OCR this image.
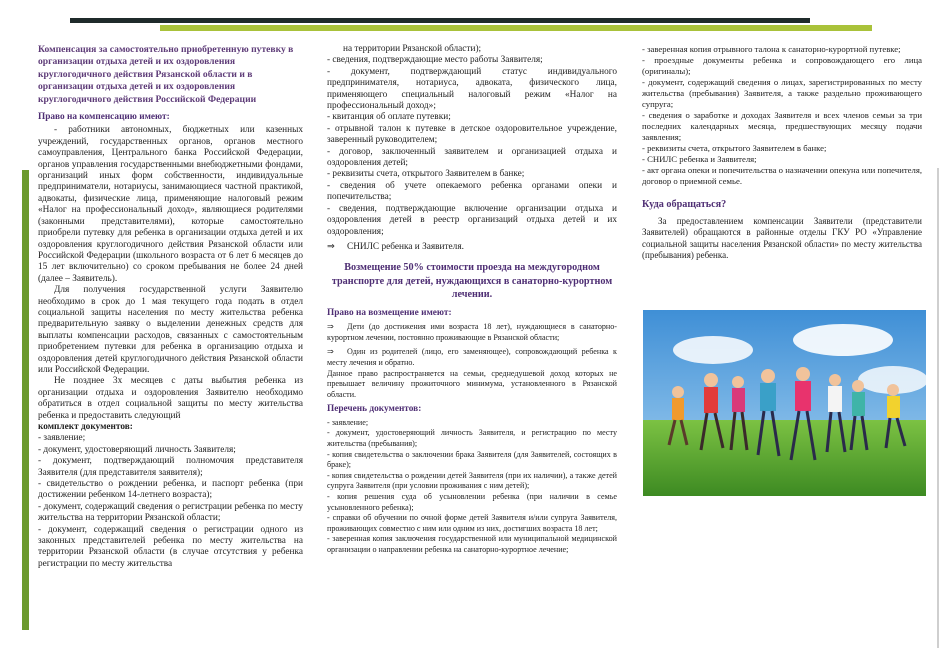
Компенсация за самостоятельно приобретенную путевку в организации отдыха детей и их оздоровления круглогодичного действия Рязанской области и в организации отдыха детей и их оздоровления круглогодичного действия Российской Федерации

Право на компенсацию имеют:

- работники автономных, бюджетных или казенных учреждений, государственных органов, органов местного самоуправления, Центрального банка Российской Федерации, органов управления государственными внебюджетными фондами, организаций иных форм собственности, индивидуальные предприниматели, нотариусы, занимающиеся частной практикой, адвокаты, физические лица, применяющие налоговый режим «Налог на профессиональный доход», являющиеся родителями (законными представителями), которые самостоятельно приобрели путевку для ребенка в организации отдыха детей и их оздоровления круглогодичного действия Рязанской области или Российской Федерации (школьного возраста от 6 лет 6 месяцев до 15 лет включительно) со сроком пребывания не более 24 дней (далее – Заявитель).

Для получения государственной услуги Заявителю необходимо в срок до 1 мая текущего года подать в отдел социальной защиты населения по месту жительства ребенка предварительную заявку о выделении денежных средств для выплаты компенсации расходов, связанных с самостоятельным приобретением путевки для ребенка в организацию отдыха и оздоровления детей круглогодичного действия Рязанской области или Российской Федерации.

Не позднее 3х месяцев с даты выбытия ребенка из организации отдыха и оздоровления Заявителю необходимо обратиться в отдел социальной защиты по месту жительства ребенка и предоставить следующий

комплект документов:

- заявление;

- документ, удостоверяющий личность Заявителя;

- документ, подтверждающий полномочия представителя Заявителя (для представителя заявителя);

- свидетельство о рождении ребенка, и паспорт ребенка (при достижении ребенком 14-летнего возраста);

- документ, содержащий сведения о регистрации ребенка по месту жительства на территории Рязанской области;

- документ, содержащий сведения о регистрации одного из законных представителей ребенка по месту жительства на территории Рязанской области (в случае отсутствия у ребенка регистрации по месту жительства

на территории Рязанской области);

- сведения, подтверждающие место работы Заявителя;

- документ, подтверждающий статус индивидуального предпринимателя, нотариуса, адвоката, физического лица, применяющего специальный налоговый режим «Налог на профессиональный доход»;

- квитанция об оплате путевки;

- отрывной талон к путевке в детское оздоровительное учреждение, заверенный руководителем;

- договор, заключенный заявителем и организацией отдыха и оздоровления детей;

- реквизиты счета, открытого Заявителем в банке;

- сведения об учете опекаемого ребенка органами опеки и попечительства;

- сведения, подтверждающие включение организации отдыха и оздоровления детей в реестр организаций отдыха детей и их оздоровления;

⇒ СНИЛС ребенка и Заявителя.

Возмещение 50% стоимости проезда на междугородном транспорте для детей, нуждающихся в санаторно-курортном лечении.

Право на возмещение имеют:

⇒ Дети (до достижения ими возраста 18 лет), нуждающиеся в санаторно-курортном лечении, постоянно проживающие в Рязанской области;

⇒ Один из родителей (лицо, его заменяющее), сопровождающий ребенка к месту лечения и обратно.

Данное право распространяется на семьи, среднедушевой доход которых не превышает величину прожиточного минимума, установленного в Рязанской области.

Перечень документов:

- заявление;

- документ, удостоверяющий личность Заявителя, и регистрацию по месту жительства (пребывания);

- копия свидетельства о заключении брака Заявителя (для Заявителей, состоящих в браке);

- копия свидетельства о рождении детей Заявителя (при их наличии), а также детей супруга Заявителя (при условии проживания с ним детей);

- копия решения суда об усыновлении ребенка (при наличии в семье усыновленного ребенка);

- справки об обучении по очной форме детей Заявителя и/или супруга Заявителя, проживающих совместно с ним или одним из них, достигших возраста 18 лет;

- заверенная копия заключения государственной или муниципальной медицинской организации о направлении ребенка на санаторно-курортное лечение;

- заверенная копия отрывного талона к санаторно-курортной путевке;

- проездные документы ребенка и сопровождающего его лица (оригиналы);

- документ, содержащий сведения о лицах, зарегистрированных по месту жительства (пребывания) Заявителя, а также раздельно проживающего супруга;

- сведения о заработке и доходах Заявителя и всех членов семьи за три последних календарных месяца, предшествующих месяцу подачи заявления;

- реквизиты счета, открытого Заявителем в банке;

- СНИЛС ребенка и Заявителя;

- акт органа опеки и попечительства о назначении опекуна или попечителя, договор о приемной семье.

Куда обращаться?

За предоставлением компенсации Заявители (представители Заявителей) обращаются в районные отделы ГКУ РО «Управление социальной защиты населения Рязанской области» по месту жительства (пребывания) ребенка.
